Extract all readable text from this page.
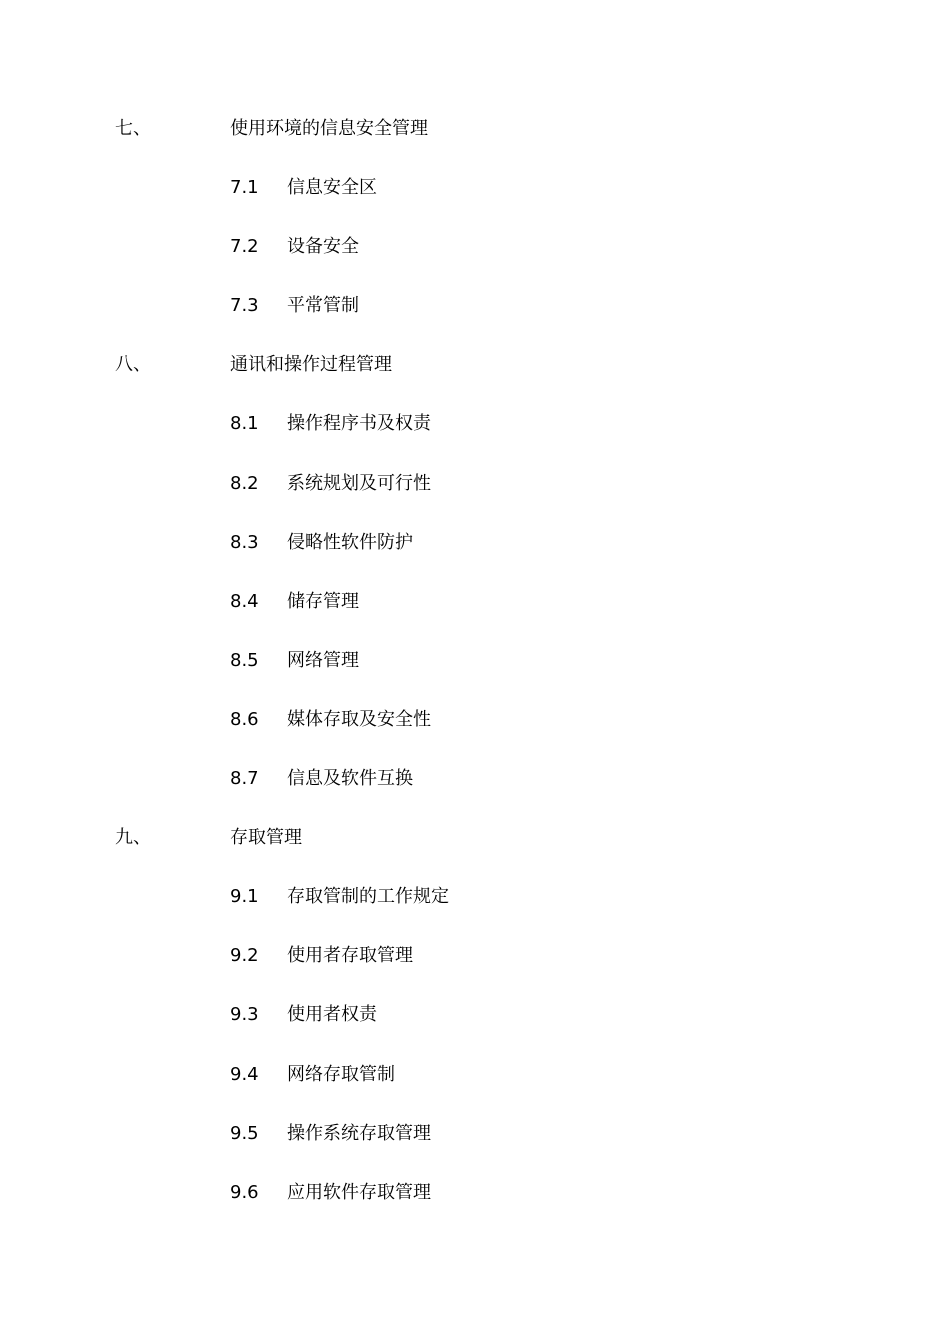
七、	使用环境的信息安全管理
7.1 信息安全区
7.2 设备安全
7.3 平常管制
八、	通讯和操作过程管理
8.1 操作程序书及权责
8.2 系统规划及可行性
8.3 侵略性软件防护
8.4 储存管理
8.5 网络管理
8.6 媒体存取及安全性
8.7 信息及软件互换
九、	存取管理
9.1 存取管制的工作规定
9.2 使用者存取管理
9.3 使用者权责
9.4 网络存取管制
9.5 操作系统存取管理
9.6 应用软件存取管理
